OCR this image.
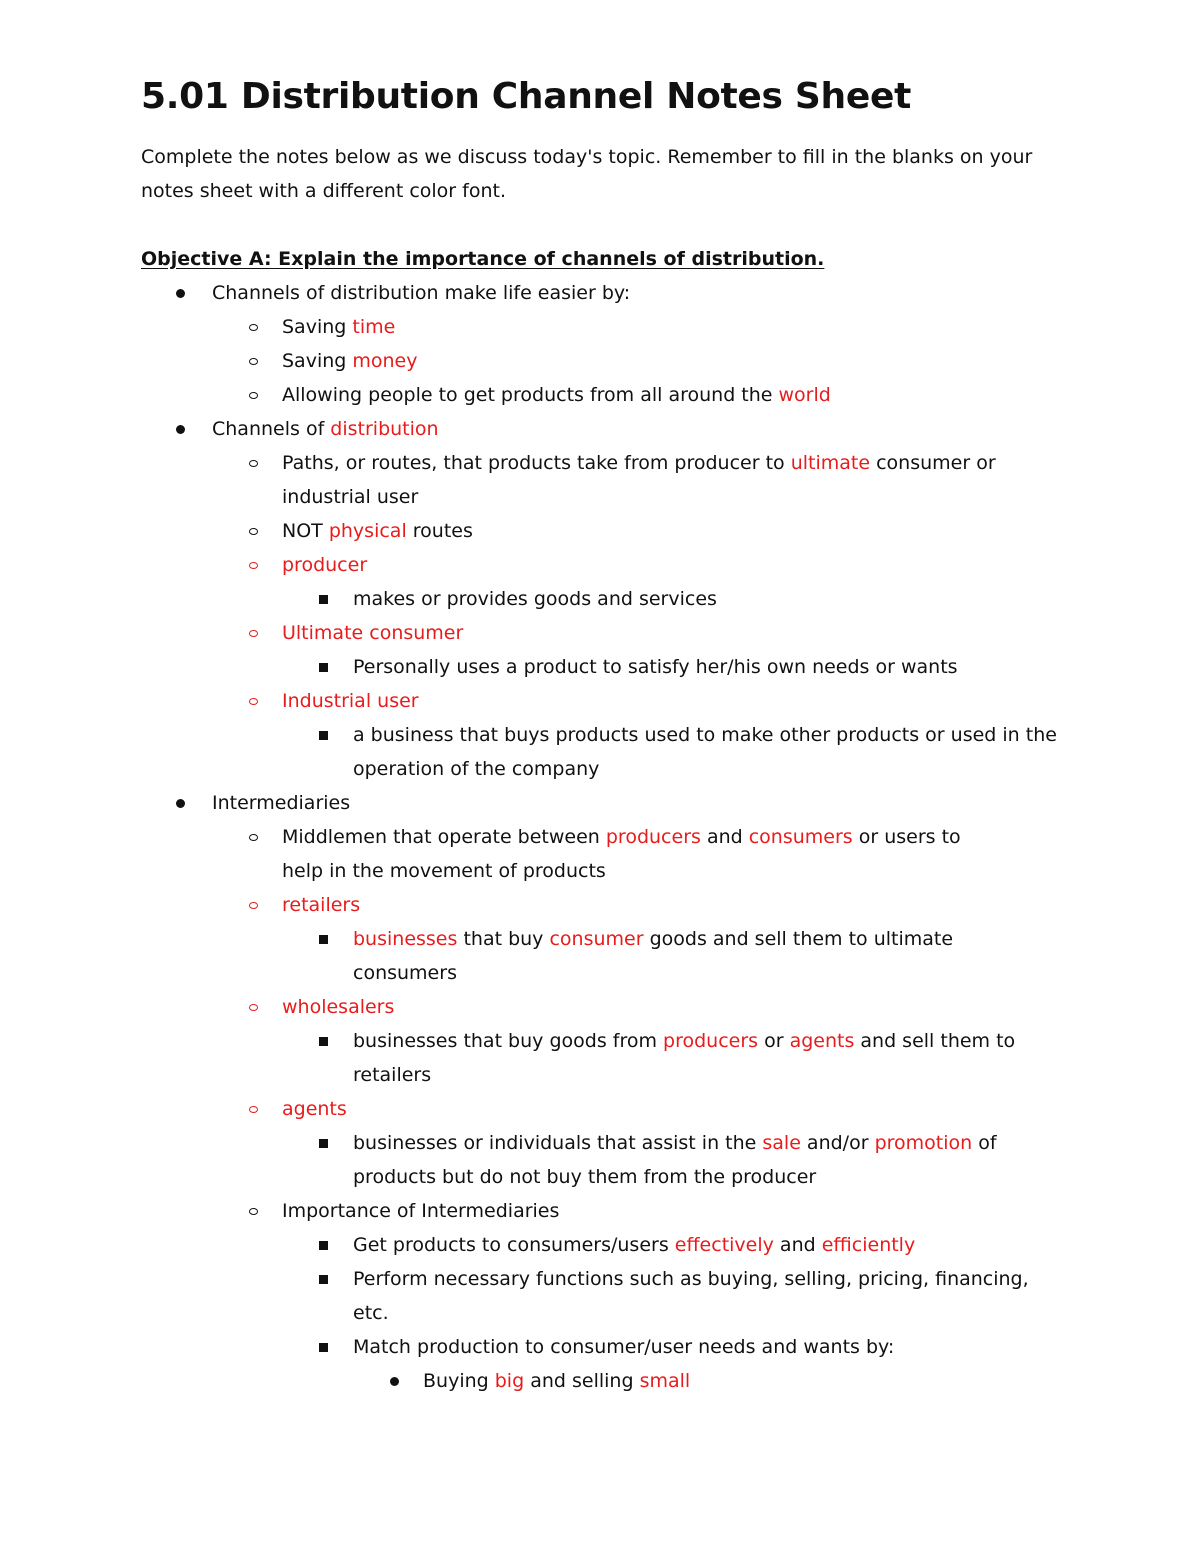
5.01 Distribution Channel Notes Sheet

Complete the notes below as we discuss today's topic. Remember to fill in the blanks on your notes sheet with a different color font.

Objective A: Explain the importance of channels of distribution.
Channels of distribution make life easier by:
Saving time
Saving money
Allowing people to get products from all around the world
Channels of distribution
Paths, or routes, that products take from producer to ultimate consumer or industrial user
NOT physical routes
producer
makes or provides goods and services
Ultimate consumer
Personally uses a product to satisfy her/his own needs or wants
Industrial user
a business that buys products used to make other products or used in the operation of the company
Intermediaries
Middlemen that operate between producers and consumers or users to help in the movement of products
retailers
businesses that buy consumer goods and sell them to ultimate consumers
wholesalers
businesses that buy goods from producers or agents and sell them to retailers
agents
businesses or individuals that assist in the sale and/or promotion of products but do not buy them from the producer
Importance of Intermediaries
Get products to consumers/users effectively and efficiently
Perform necessary functions such as buying, selling, pricing, financing, etc.
Match production to consumer/user needs and wants by:
Buying big and selling small
